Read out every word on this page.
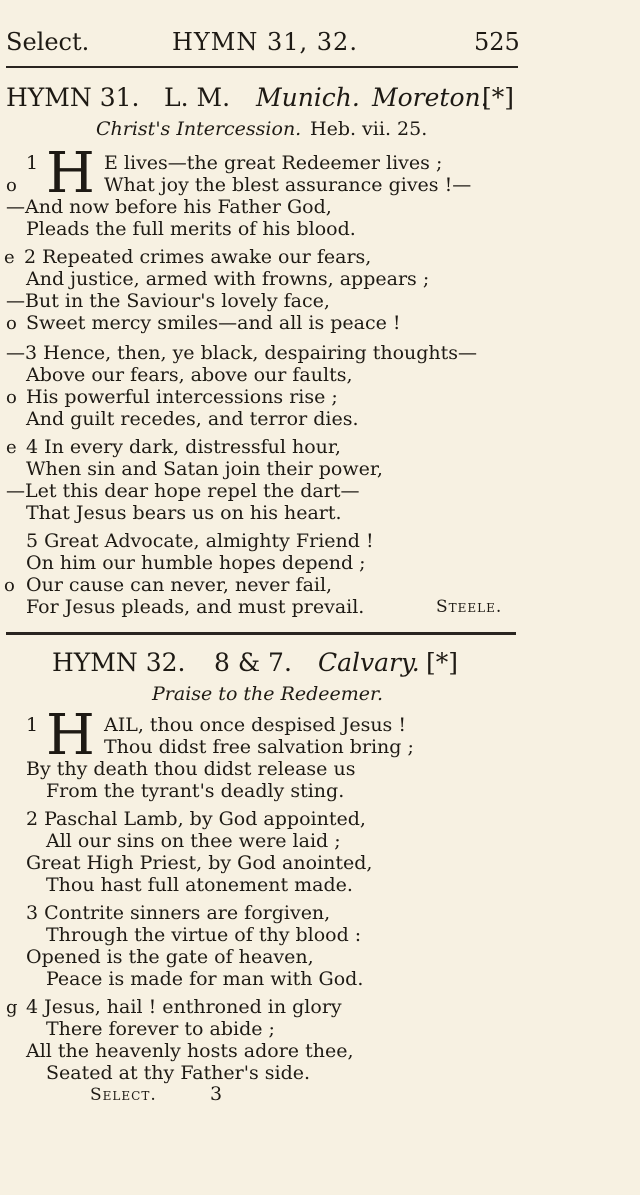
Select.	HYMN 31, 32.	525
HYMN 31. L. M. Munich. Moreton.
[*]
Christ's Intercession. Heb. vii. 25.
1 H
o
E lives—the great Redeemer lives ;
What joy the blest assurance gives !—
—And now before his Father God,
Pleads the full merits of his blood.
e 2 Repeated crimes awake our fears,
And justice, armed with frowns, appears ;
—But in the Saviour's lovely face,
o Sweet mercy smiles—and all is peace !
—3 Hence, then, ye black, despairing thoughts—
Above our fears, above our faults,
o His powerful intercessions rise ;
And guilt recedes, and terror dies.
e 4 In every dark, distressful hour,
When sin and Satan join their power,
—Let this dear hope repel the dart—
That Jesus bears us on his heart.
5 Great Advocate, almighty Friend !
On him our humble hopes depend ;
o Our cause can never, never fail,
For Jesus pleads, and must prevail.	Steele.
HYMN 32. 8 & 7. Calvary. [*]
Praise to the Redeemer.
1 H AIL, thou once despised Jesus !
Thou didst free salvation bring ;
By thy death thou didst release us
From the tyrant's deadly sting.
2 Paschal Lamb, by God appointed,
All our sins on thee were laid ;
Great High Priest, by God anointed,
Thou hast full atonement made.
3 Contrite sinners are forgiven,
Through the virtue of thy blood :
Opened is the gate of heaven,
Peace is made for man with God.
g 4 Jesus, hail ! enthroned in glory
There forever to abide ;
All the heavenly hosts adore thee,
Seated at thy Father's side.
Select.	3
